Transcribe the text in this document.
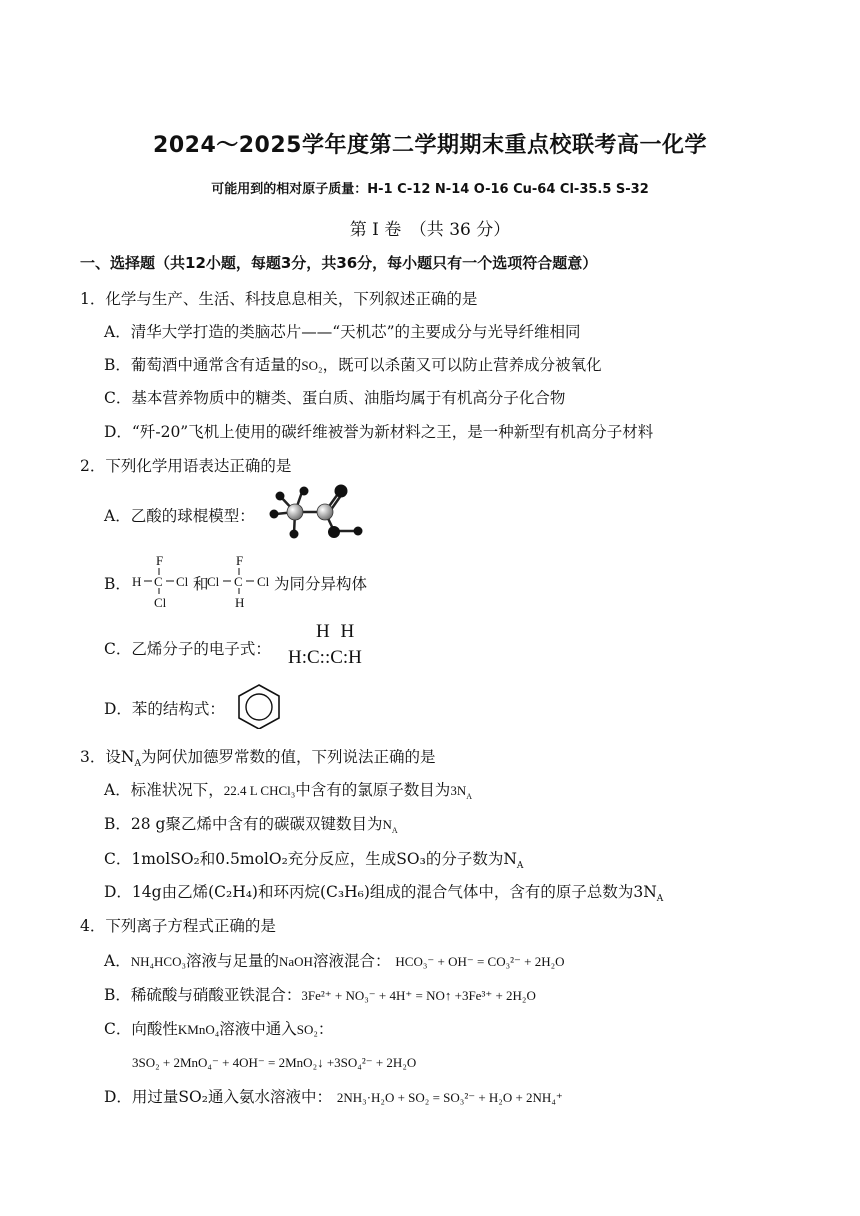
2024～2025学年度第二学期期末重点校联考高一化学
可能用到的相对原子质量：H-1 C-12 N-14 O-16 Cu-64 Cl-35.5 S-32
第 Ⅰ 卷　（共 36 分）
一、选择题（共12小题，每题3分，共36分，每小题只有一个选项符合题意）
1．化学与生产、生活、科技息息相关，下列叙述正确的是
A．清华大学打造的类脑芯片——“天机芯”的主要成分与光导纤维相同
B．葡萄酒中通常含有适量的SO₂，既可以杀菌又可以防止营养成分被氧化
C．基本营养物质中的糖类、蛋白质、油脂均属于有机高分子化合物
D．“歼-20”飞机上使用的碳纤维被誉为新材料之王，是一种新型有机高分子材料
2．下列化学用语表达正确的是
A．乙酸的球棍模型：
B．
F
H C Cl
Cl
F
Cl C Cl
H
和	为同分异构体
C．乙烯分子的电子式：
H H
H:C::C:H
D．苯的结构式：
3．设$N_A$为阿伏加德罗常数的值，下列说法正确的是
A．标准状况下，22.4 L CHCl₃中含有的氯原子数目为$3N_A$
B．28 g聚乙烯中含有的碳碳双键数目为$N_A$
C．1molSO₂和0.5molO₂充分反应，生成SO₃的分子数为$N_A$
D．14g由乙烯(C₂H₄)和环丙烷(C₃H₆)组成的混合气体中，含有的原子总数为$3N_A$
4．下列离子方程式正确的是
A．NH₄HCO₃溶液与足量的NaOH溶液混合： HCO₃⁻ + OH⁻ = CO₃²⁻ + 2H₂O
B．稀硫酸与硝酸亚铁混合：3Fe²⁺ + NO₃⁻ + 4H⁺ = NO↑ +3Fe³⁺ + 2H₂O
C．向酸性KMnO₄溶液中通入SO₂：
3SO₂ + 2MnO₄⁻ + 4OH⁻ = 2MnO₂↓ +3SO₄²⁻ + 2H₂O
D．用过量SO₂通入氨水溶液中： 2NH₃·H₂O + SO₂ = SO₃²⁻ + H₂O + 2NH₄⁺
